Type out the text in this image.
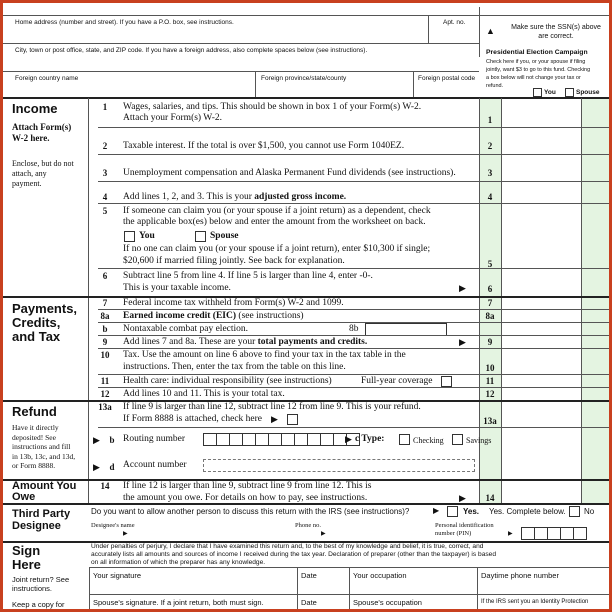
Home address (number and street). If you have a P.O. box, see instructions.	Apt. no.
▲	Make sure the SSN(s) above are correct.
City, town or post office, state, and ZIP code. If you have a foreign address, also complete spaces below (see instructions).	Presidential Election Campaign
Check here if you, or your spouse if filing
jointly, want $3 to go to this fund. Checking
a box below will not change your tax or
refund.
You	Spouse
Foreign country name	Foreign province/state/county	Foreign postal code
Income
Attach Form(s) W-2 here.
Enclose, but do not attach, any payment.
1	Wages, salaries, and tips. This should be shown in box 1 of your Form(s) W-2.
Attach your Form(s) W-2.	1
2	Taxable interest. If the total is over $1,500, you cannot use Form 1040EZ.	2
3	Unemployment compensation and Alaska Permanent Fund dividends (see instructions).	3
4	Add lines 1, 2, and 3. This is your adjusted gross income.	4
5	If someone can claim you (or your spouse if a joint return) as a dependent, check
the applicable box(es) below and enter the amount from the worksheet on back.
You	Spouse
If no one can claim you (or your spouse if a joint return), enter $10,300 if single;
$20,600 if married filing jointly. See back for explanation.	5
6	Subtract line 5 from line 4. If line 5 is larger than line 4, enter -0-.
This is your taxable income.	▶	6
Payments, Credits, and Tax
7	Federal income tax withheld from Form(s) W-2 and 1099.	7
8a	Earned income credit (EIC) (see instructions)	8a
b	Nontaxable combat pay election.	8b
9	Add lines 7 and 8a. These are your total payments and credits.	▶	9
10	Tax. Use the amount on line 6 above to find your tax in the tax table in the
instructions. Then, enter the tax from the table on this line.	10
11	Health care: individual responsibility (see instructions)	Full-year coverage	11
12	Add lines 10 and 11. This is your total tax.	12
Refund
Have it directly deposited! See instructions and fill in 13b, 13c, and 13d, or Form 8888.
13a	If line 9 is larger than line 12, subtract line 12 from line 9. This is your refund.
If Form 8888 is attached, check here ▶	13a
▶	b Routing number	▶ c Type:	Checking	Savings
▶	d Account number
Amount You Owe
14	If line 12 is larger than line 9, subtract line 9 from line 12. This is
the amount you owe. For details on how to pay, see instructions.	▶	14
Third Party Designee
Do you want to allow another person to discuss this return with the IRS (see instructions)?	▶	Yes. Yes. Complete below. No
Designee's name
▶
Phone no.
▶
Personal identification number (PIN)	▶
Sign Here
Joint return? See instructions.
Keep a copy for
Under penalties of perjury, I declare that I have examined this return and, to the best of my knowledge and belief, it is true, correct, and
accurately lists all amounts and sources of income I received during the tax year. Declaration of preparer (other than the taxpayer) is based
on all information of which the preparer has any knowledge.
Your signature	Date	Your occupation	Daytime phone number
Spouse's signature. If a joint return, both must sign.	Date	Spouse's occupation	If the IRS sent you an Identity Protection
